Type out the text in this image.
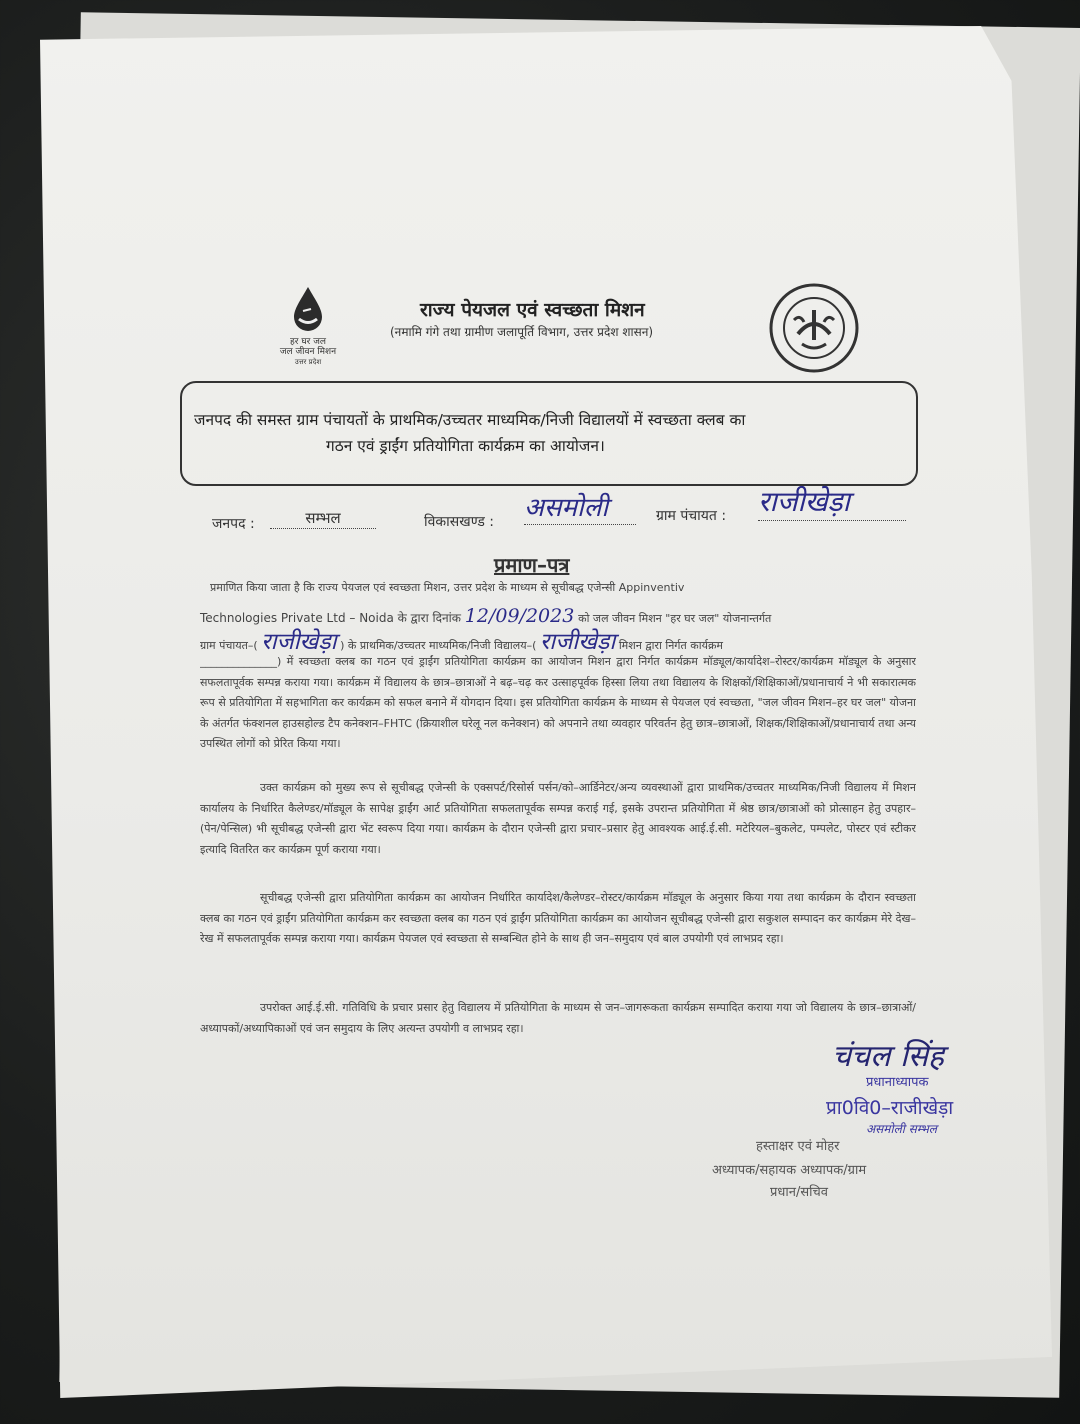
हर घर जल
जल जीवन मिशन
उत्तर प्रदेश
राज्य पेयजल एवं स्वच्छता मिशन
(नमामि गंगे तथा ग्रामीण जलापूर्ति विभाग, उत्तर प्रदेश शासन)
जनपद की समस्त ग्राम पंचायतों के प्राथमिक/उच्चतर माध्यमिक/निजी विद्यालयों में स्वच्छता क्लब का
गठन एवं ड्राईंग प्रतियोगिता कार्यक्रम का आयोजन।
जनपद :	सम्भल	विकासखण्ड : असमोली	ग्राम पंचायत : राजीखेड़ा
प्रमाण–पत्र
प्रमाणित किया जाता है कि राज्य पेयजल एवं स्वच्छता मिशन, उत्तर प्रदेश के माध्यम से सूचीबद्ध एजेन्सी Appinventiv
Technologies Private Ltd – Noida के द्वारा दिनांक 12/09/2023 को जल जीवन मिशन "हर घर जल" योजनान्तर्गत
ग्राम पंचायत–( राजीखेड़ा ) के प्राथमिक/उच्चतर माध्यमिक/निजी विद्यालय–( राजीखेड़ा मिशन द्वारा निर्गत कार्यक्रम
______________) में स्वच्छता क्लब का गठन एवं ड्राईंग प्रतियोगिता कार्यक्रम का आयोजन मिशन द्वारा निर्गत कार्यक्रम मॉड्यूल/कार्यादेश–रोस्टर/कार्यक्रम मॉड्यूल के अनुसार सफलतापूर्वक सम्पन्न कराया गया। कार्यक्रम में विद्यालय के छात्र–छात्राओं ने बढ़–चढ़ कर उत्साहपूर्वक हिस्सा लिया तथा विद्यालय के शिक्षकों/शिक्षिकाओं/प्रधानाचार्य ने भी सकारात्मक रूप से प्रतियोगिता में सहभागिता कर कार्यक्रम को सफल बनाने में योगदान दिया। इस प्रतियोगिता कार्यक्रम के माध्यम से पेयजल एवं स्वच्छता, "जल जीवन मिशन–हर घर जल" योजना के अंतर्गत फंक्शनल हाउसहोल्ड टैप कनेक्शन–FHTC (क्रियाशील घरेलू नल कनेक्शन) को अपनाने तथा व्यवहार परिवर्तन हेतु छात्र–छात्राओं, शिक्षक/शिक्षिकाओं/प्रधानाचार्य तथा अन्य उपस्थित लोगों को प्रेरित किया गया।
उक्त कार्यक्रम को मुख्य रूप से सूचीबद्ध एजेन्सी के एक्सपर्ट/रिसोर्स पर्सन/को–आर्डिनेटर/अन्य व्यवस्थाओं द्वारा प्राथमिक/उच्चतर माध्यमिक/निजी विद्यालय में मिशन कार्यालय के निर्धारित कैलेण्डर/मॉड्यूल के सापेक्ष ड्राईंग आर्ट प्रतियोगिता सफलतापूर्वक सम्पन्न कराई गई, इसके उपरान्त प्रतियोगिता में श्रेष्ठ छात्र/छात्राओं को प्रोत्साहन हेतु उपहार–(पेन/पेन्सिल) भी सूचीबद्ध एजेन्सी द्वारा भेंट स्वरूप दिया गया। कार्यक्रम के दौरान एजेन्सी द्वारा प्रचार–प्रसार हेतु आवश्यक आई.ई.सी. मटेरियल–बुकलेट, पम्पलेट, पोस्टर एवं स्टीकर इत्यादि वितरित कर कार्यक्रम पूर्ण कराया गया।
सूचीबद्ध एजेन्सी द्वारा प्रतियोगिता कार्यक्रम का आयोजन निर्धारित कार्यादेश/कैलेण्डर–रोस्टर/कार्यक्रम मॉड्यूल के अनुसार किया गया तथा कार्यक्रम के दौरान स्वच्छता क्लब का गठन एवं ड्राईंग प्रतियोगिता कार्यक्रम कर स्वच्छता क्लब का गठन एवं ड्राईंग प्रतियोगिता कार्यक्रम का आयोजन सूचीबद्ध एजेन्सी द्वारा सकुशल सम्पादन कर कार्यक्रम मेरे देख–रेख में सफलतापूर्वक सम्पन्न कराया गया। कार्यक्रम पेयजल एवं स्वच्छता से सम्बन्धित होने के साथ ही जन–समुदाय एवं बाल उपयोगी एवं लाभप्रद रहा।
उपरोक्त आई.ई.सी. गतिविधि के प्रचार प्रसार हेतु विद्यालय में प्रतियोगिता के माध्यम से जन–जागरूकता कार्यक्रम सम्पादित कराया गया जो विद्यालय के छात्र–छात्राओं/अध्यापकों/अध्यापिकाओं एवं जन समुदाय के लिए अत्यन्त उपयोगी व लाभप्रद रहा।
चंचल सिंह
प्रधानाध्यापक
प्रा0वि0–राजीखेड़ा
असमोली सम्भल
हस्ताक्षर एवं मोहर
अध्यापक/सहायक अध्यापक/ग्राम
प्रधान/सचिव
